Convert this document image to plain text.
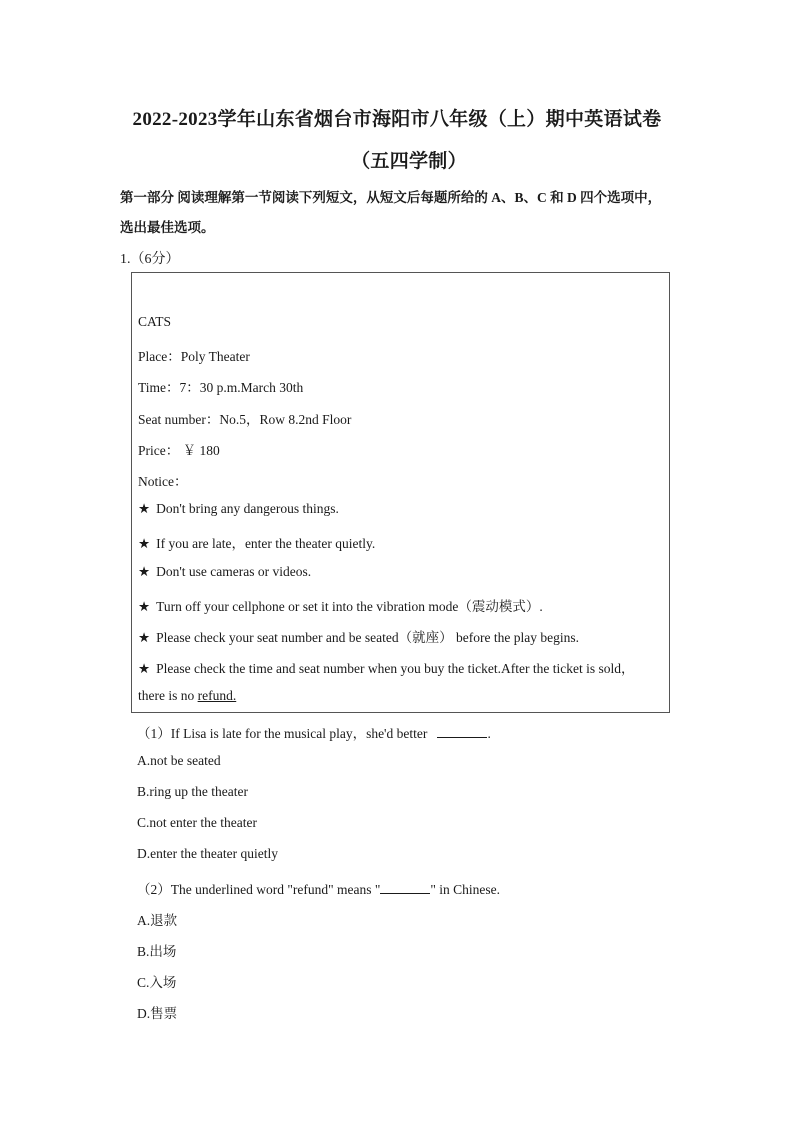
2022-2023学年山东省烟台市海阳市八年级（上）期中英语试卷
（五四学制）
第一部分 阅读理解第一节阅读下列短文，从短文后每题所给的 A、B、C 和 D 四个选项中，
选出最佳选项。
1.（6分）
CATS
Place：Poly Theater
Time：7：30 p.m.March 30th
Seat number：No.5，Row 8.2nd Floor
Price： ￥ 180
Notice：
★ Don't bring any dangerous things.
★ If you are late，enter the theater quietly.
★ Don't use cameras or videos.
★ Turn off your cellphone or set it into the vibration mode（震动模式）.
★ Please check your seat number and be seated（就座） before the play begins.
★ Please check the time and seat number when you buy the ticket.After the ticket is sold，
there is no refund.
（1）If Lisa is late for the musical play，she'd better	.
A.not be seated
B.ring up the theater
C.not enter the theater
D.enter the theater quietly
（2）The underlined word "refund" means "	" in Chinese.
A.退款
B.出场
C.入场
D.售票
